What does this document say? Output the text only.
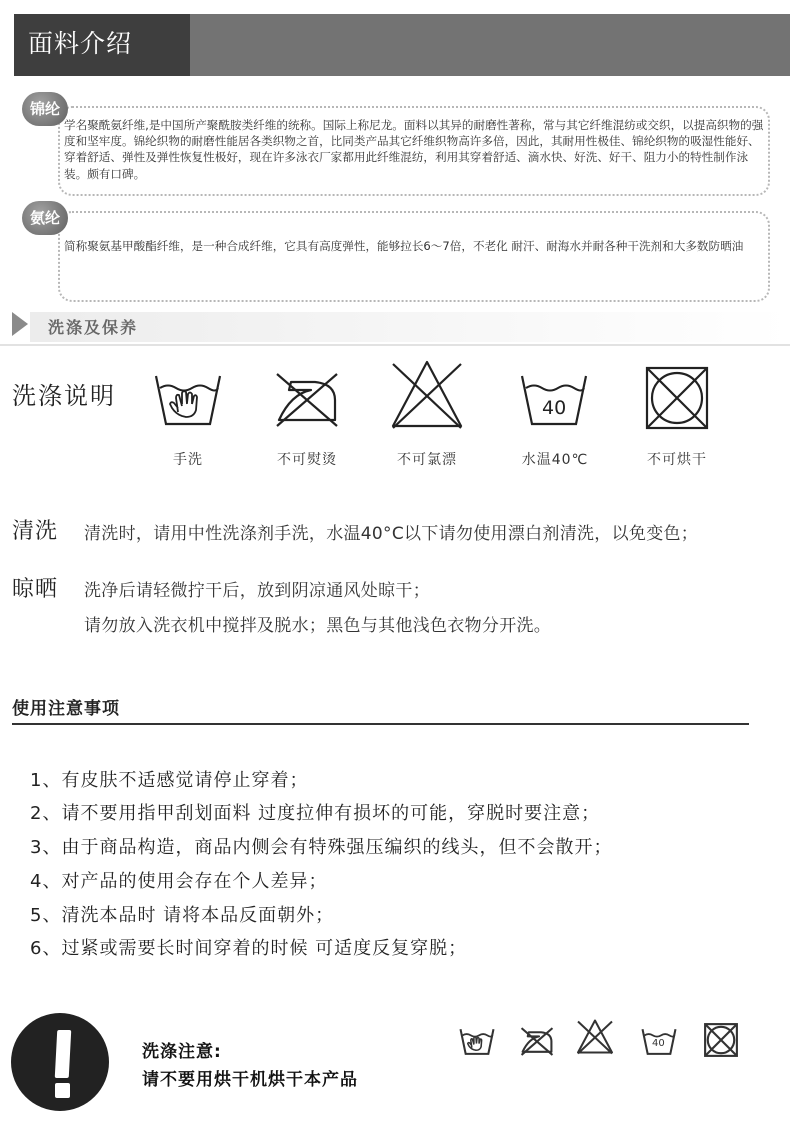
面料介绍
锦纶
学名聚酰氨纤维,是中国所产聚酰胺类纤维的统称。国际上称尼龙。面料以其异的耐磨性著称，常与其它纤维混纺或交织，以提高织物的强度和坚牢度。锦纶织物的耐磨性能居各类织物之首，比同类产品其它纤维织物高许多倍，因此，其耐用性极佳、锦纶织物的吸湿性能好、穿着舒适、弹性及弹性恢复性极好，现在许多泳衣厂家都用此纤维混纺，利用其穿着舒适、滴水快、好洗、好干、阻力小的特性制作泳装。颇有口碑。
氨纶
简称聚氨基甲酸酯纤维，是一种合成纤维，它具有高度弹性，能够拉长6～7倍，不老化 耐汗、耐海水并耐各种干洗剂和大多数防晒油
洗涤及保养
洗涤说明
手洗	不可熨烫	不可氯漂
40
水温40℃	不可烘干
清洗 清洗时，请用中性洗涤剂手洗，水温40°C以下请勿使用漂白剂清洗，以免变色；
晾晒 洗净后请轻微拧干后，放到阴凉通风处晾干；
请勿放入洗衣机中搅拌及脱水；黑色与其他浅色衣物分开洗。
使用注意事项
1、有皮肤不适感觉请停止穿着；
2、请不要用指甲刮划面料 过度拉伸有损坏的可能，穿脱时要注意；
3、由于商品构造，商品内侧会有特殊强压编织的线头，但不会散开；
4、对产品的使用会存在个人差异；
5、清洗本品时 请将本品反面朝外；
6、过紧或需要长时间穿着的时候 可适度反复穿脱；
洗涤注意:
请不要用烘干机烘干本产品
40
